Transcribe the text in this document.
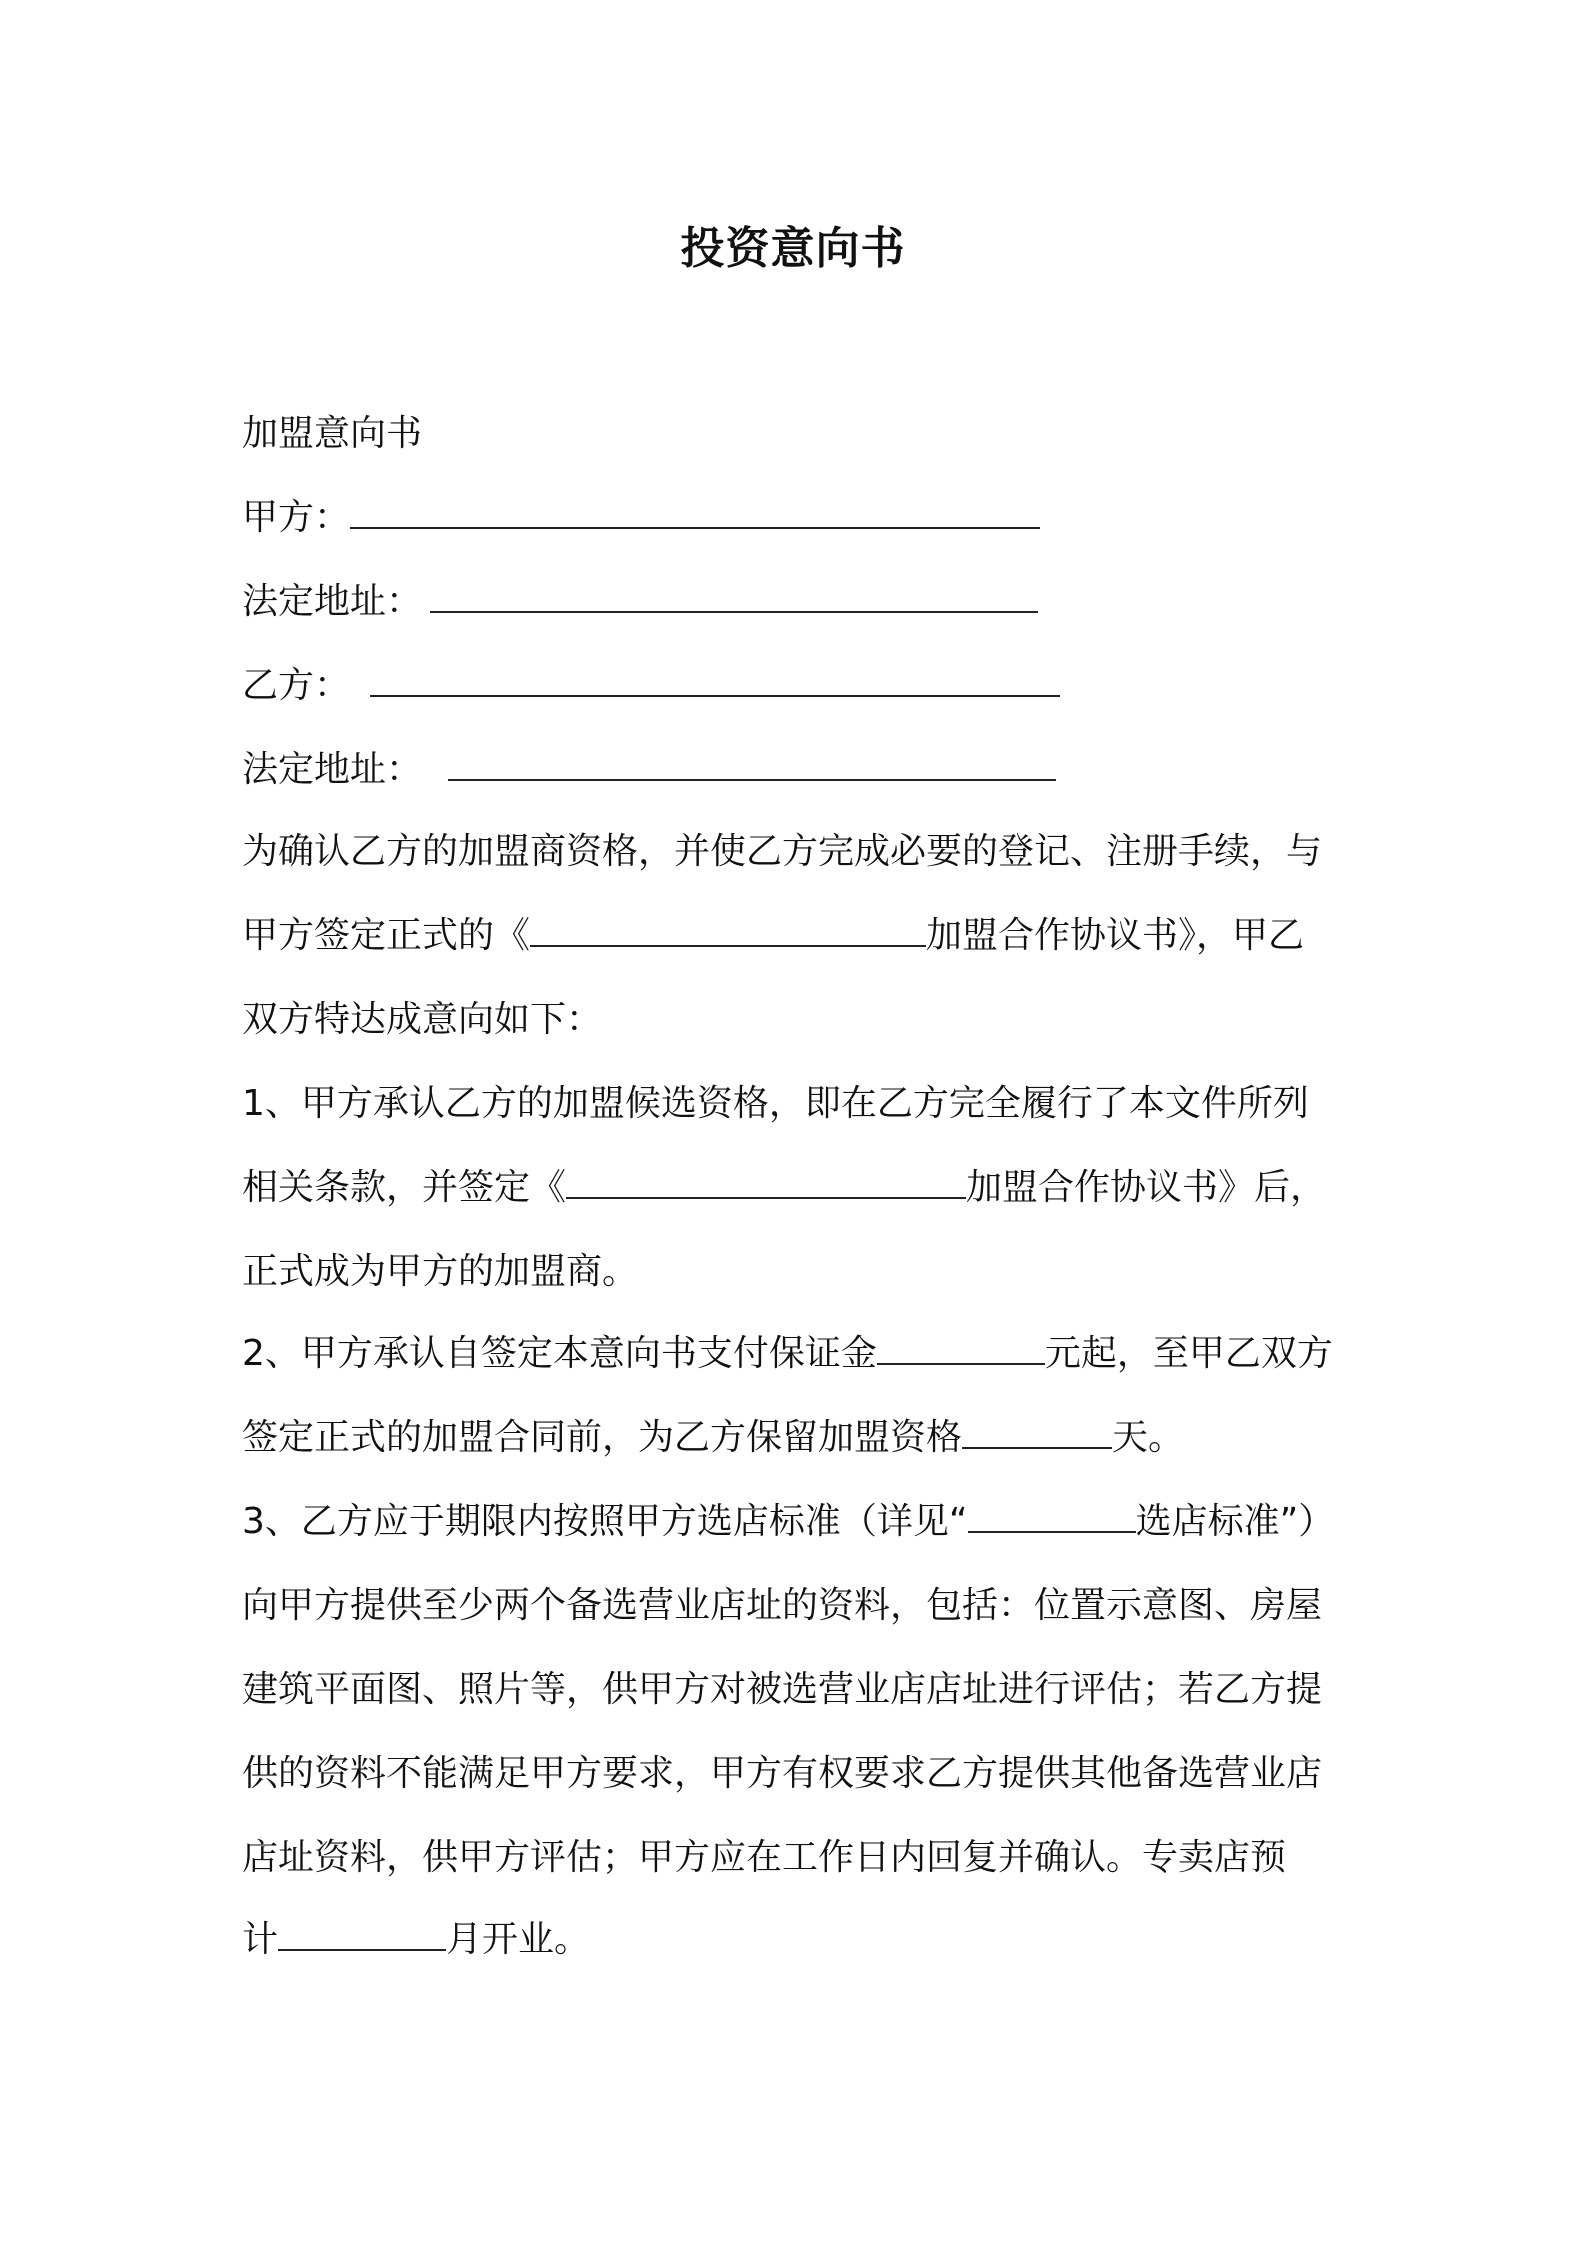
投资意向书
加盟意向书
甲方：
法定地址：
乙方：
法定地址：
为确认乙方的加盟商资格，并使乙方完成必要的登记、注册手续，与
甲方签定正式的《	加盟合作协议书》，甲乙
双方特达成意向如下：
1、甲方承认乙方的加盟候选资格，即在乙方完全履行了本文件所列
相关条款，并签定《	加盟合作协议书》后，
正式成为甲方的加盟商。
2、甲方承认自签定本意向书支付保证金	元起，至甲乙双方
签定正式的加盟合同前，为乙方保留加盟资格	天。
3、乙方应于期限内按照甲方选店标准（详见“	选店标准”）
向甲方提供至少两个备选营业店址的资料，包括：位置示意图、房屋
建筑平面图、照片等，供甲方对被选营业店店址进行评估；若乙方提
供的资料不能满足甲方要求，甲方有权要求乙方提供其他备选营业店
店址资料，供甲方评估；甲方应在工作日内回复并确认。专卖店预
计	月开业。
